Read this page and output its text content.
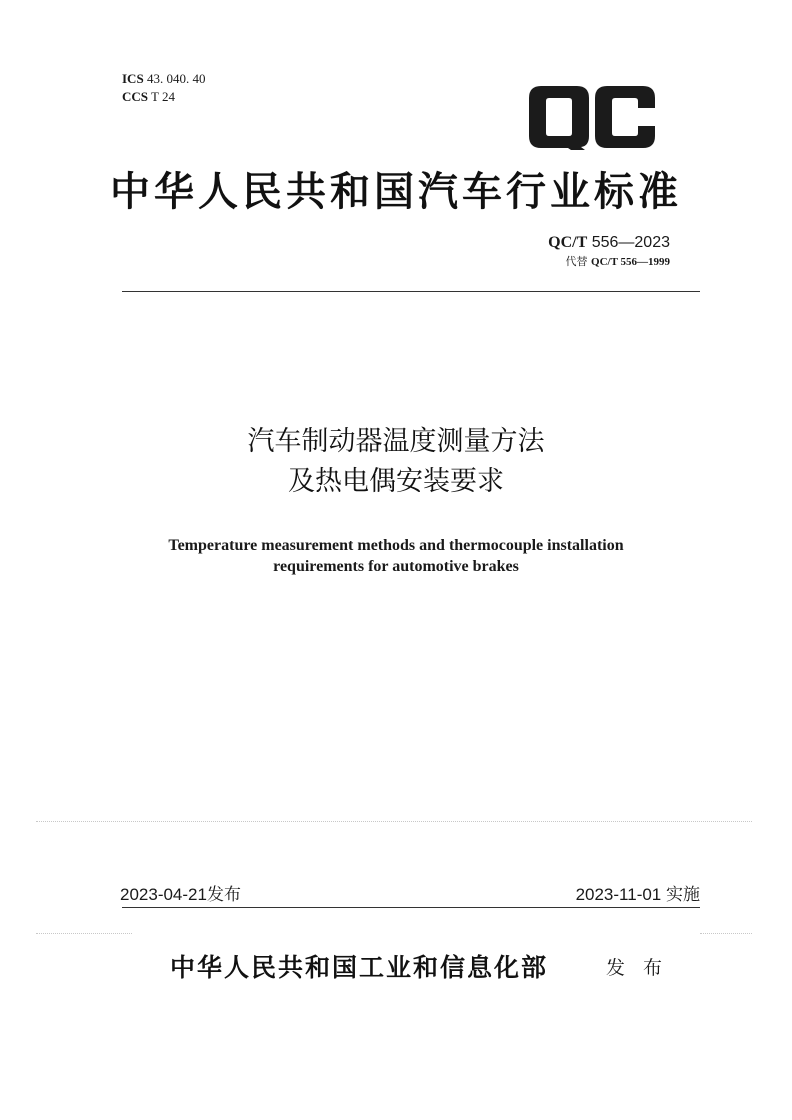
ICS 43. 040. 40
CCS T 24
中华人民共和国汽车行业标准
QC/T 556—2023
代替 QC/T 556—1999
汽车制动器温度测量方法
及热电偶安装要求
Temperature measurement methods and thermocouple installation
requirements for automotive brakes
2023-04-21发布	2023-11-01 实施
中华人民共和国工业和信息化部	发 布
